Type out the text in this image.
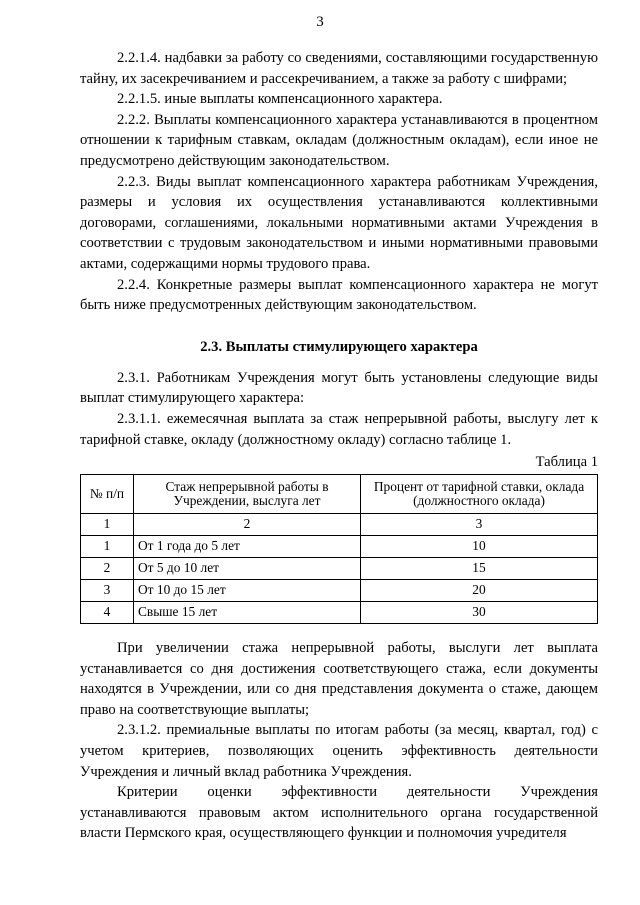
3

2.2.1.4. надбавки за работу со сведениями, составляющими государственную тайну, их засекречиванием и рассекречиванием, а также за работу с шифрами;

2.2.1.5. иные выплаты компенсационного характера.

2.2.2. Выплаты компенсационного характера устанавливаются в процентном отношении к тарифным ставкам, окладам (должностным окладам), если иное не предусмотрено действующим законодательством.

2.2.3. Виды выплат компенсационного характера работникам Учреждения, размеры и условия их осуществления устанавливаются коллективными договорами, соглашениями, локальными нормативными актами Учреждения в соответствии с трудовым законодательством и иными нормативными правовыми актами, содержащими нормы трудового права.

2.2.4. Конкретные размеры выплат компенсационного характера не могут быть ниже предусмотренных действующим законодательством.

2.3. Выплаты стимулирующего характера

2.3.1. Работникам Учреждения могут быть установлены следующие виды выплат стимулирующего характера:

2.3.1.1. ежемесячная выплата за стаж непрерывной работы, выслугу лет к тарифной ставке, окладу (должностному окладу) согласно таблице 1.

Таблица 1
№ п/п	Стаж непрерывной работы в Учреждении, выслуга лет	Процент от тарифной ставки, оклада (должностного оклада)
1	2	3
1	От 1 года до 5 лет	10
2	От 5 до 10 лет	15
3	От 10 до 15 лет	20
4	Свыше 15 лет	30

При увеличении стажа непрерывной работы, выслуги лет выплата устанавливается со дня достижения соответствующего стажа, если документы находятся в Учреждении, или со дня представления документа о стаже, дающем право на соответствующие выплаты;

2.3.1.2. премиальные выплаты по итогам работы (за месяц, квартал, год) с учетом критериев, позволяющих оценить эффективность деятельности Учреждения и личный вклад работника Учреждения.

Критерии оценки эффективности деятельности Учреждения устанавливаются правовым актом исполнительного органа государственной власти Пермского края, осуществляющего функции и полномочия учредителя
